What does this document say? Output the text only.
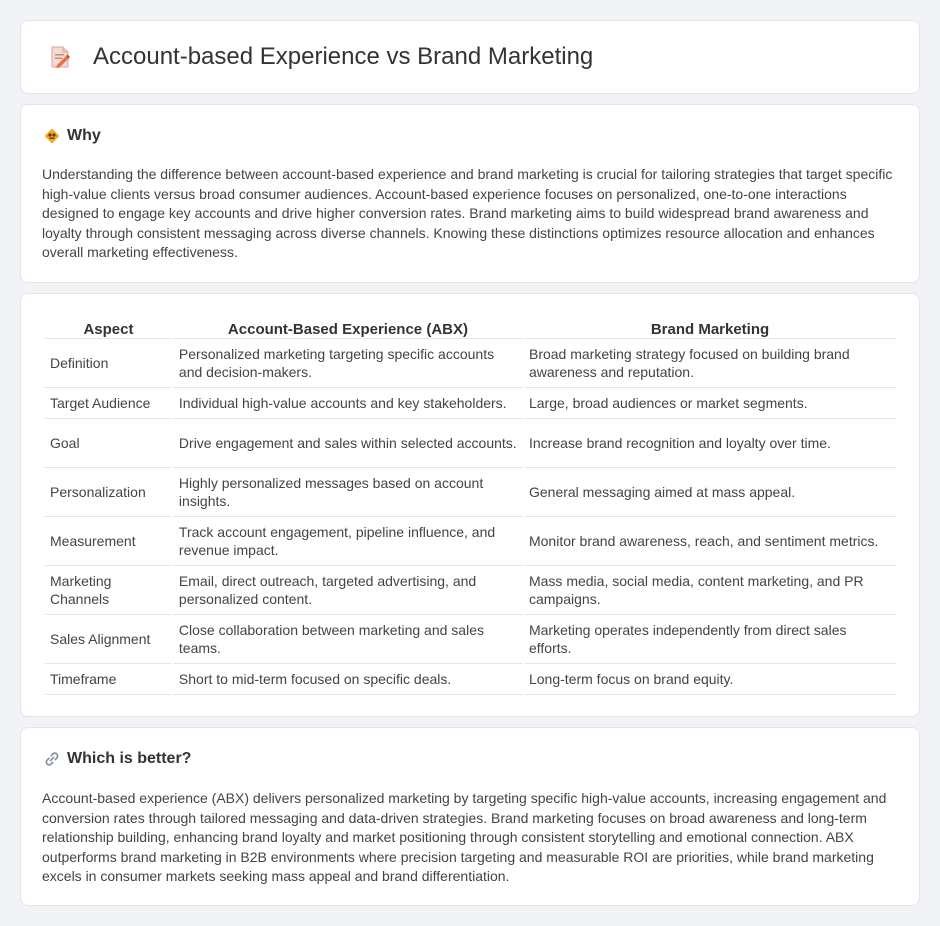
Account-based Experience vs Brand Marketing
Why

Understanding the difference between account-based experience and brand marketing is crucial for tailoring strategies that target specific high-value clients versus broad consumer audiences. Account-based experience focuses on personalized, one-to-one interactions designed to engage key accounts and drive higher conversion rates. Brand marketing aims to build widespread brand awareness and loyalty through consistent messaging across diverse channels. Knowing these distinctions optimizes resource allocation and enhances overall marketing effectiveness.

Aspect	Account-Based Experience (ABX)	Brand Marketing
Definition	Personalized marketing targeting specific accounts and decision-makers.	Broad marketing strategy focused on building brand awareness and reputation.
Target Audience	Individual high-value accounts and key stakeholders.	Large, broad audiences or market segments.
Goal	Drive engagement and sales within selected accounts.	Increase brand recognition and loyalty over time.
Personalization	Highly personalized messages based on account insights.	General messaging aimed at mass appeal.
Measurement	Track account engagement, pipeline influence, and revenue impact.	Monitor brand awareness, reach, and sentiment metrics.
Marketing Channels	Email, direct outreach, targeted advertising, and personalized content.	Mass media, social media, content marketing, and PR campaigns.
Sales Alignment	Close collaboration between marketing and sales teams.	Marketing operates independently from direct sales efforts.
Timeframe	Short to mid-term focused on specific deals.	Long-term focus on brand equity.
Which is better?

Account-based experience (ABX) delivers personalized marketing by targeting specific high-value accounts, increasing engagement and conversion rates through tailored messaging and data-driven strategies. Brand marketing focuses on broad awareness and long-term relationship building, enhancing brand loyalty and market positioning through consistent storytelling and emotional connection. ABX outperforms brand marketing in B2B environments where precision targeting and measurable ROI are priorities, while brand marketing excels in consumer markets seeking mass appeal and brand differentiation.
